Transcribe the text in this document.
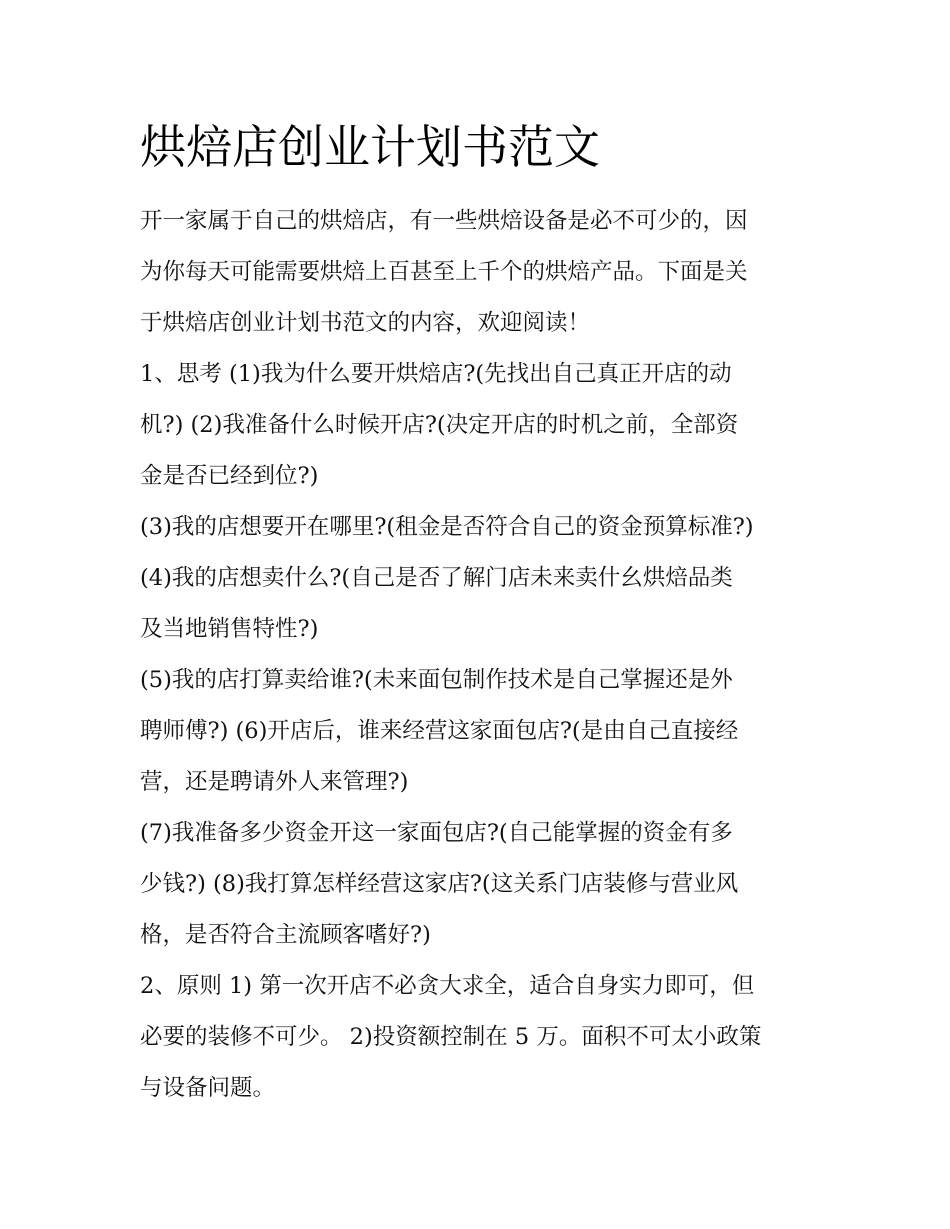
烘焙店创业计划书范文
开一家属于自己的烘焙店，有一些烘焙设备是必不可少的，因
为你每天可能需要烘焙上百甚至上千个的烘焙产品。下面是关
于烘焙店创业计划书范文的内容，欢迎阅读！
1、思考 (1)我为什么要开烘焙店?(先找出自己真正开店的动
机?) (2)我准备什么时候开店?(决定开店的时机之前，全部资
金是否已经到位?)
(3)我的店想要开在哪里?(租金是否符合自己的资金预算标准?)
(4)我的店想卖什么?(自己是否了解门店未来卖什幺烘焙品类
及当地销售特性?)
(5)我的店打算卖给谁?(未来面包制作技术是自己掌握还是外
聘师傅?) (6)开店后，谁来经营这家面包店?(是由自己直接经
营，还是聘请外人来管理?)
(7)我准备多少资金开这一家面包店?(自己能掌握的资金有多
少钱?) (8)我打算怎样经营这家店?(这关系门店装修与营业风
格，是否符合主流顾客嗜好?)
2、原则 1) 第一次开店不必贪大求全，适合自身实力即可，但
必要的装修不可少。 2)投资额控制在 5 万。面积不可太小政策
与设备问题。
